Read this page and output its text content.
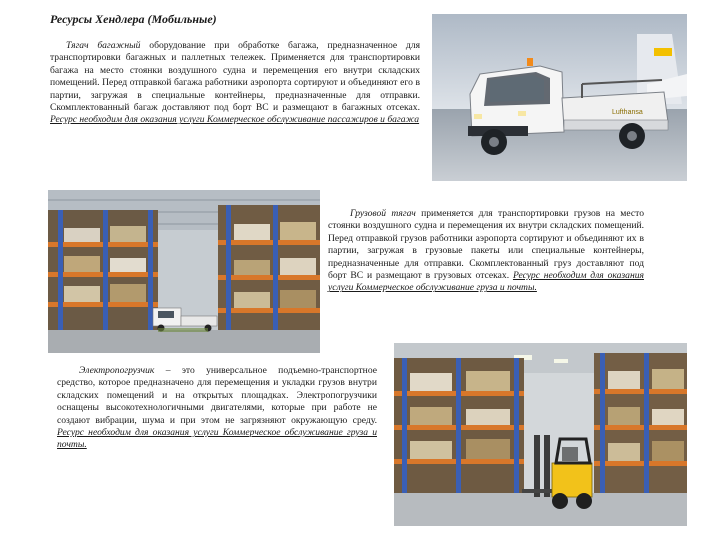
Ресурсы Хендлера (Мобильные)
Lufthansa

Тягач багажный оборудование при обработке багажа, предназначенное для транспортировки багажных и паллетных тележек. Применяется для транспортировки багажа на место стоянки воздушного судна и перемещения его внутри складских помещений. Перед отправкой багажа работники аэропорта сортируют и объединяют его в партии, загружая в специальные контейнеры, предназначенные для отправки. Скомплектованный багаж доставляют под борт ВС и размещают в багажных отсеках. Ресурс необходим для оказания услуги Коммерческое обслуживание пассажиров и багажа

Грузовой тягач применяется для транспортировки грузов на место стоянки воздушного судна и перемещения их внутри складских помещений. Перед отправкой грузов работники аэропорта сортируют и объединяют их в партии, загружая в грузовые пакеты или специальные контейнеры, предназначенные для отправки. Скомплектованный груз доставляют под борт ВС и размещают в грузовых отсеках. Ресурс необходим для оказания услуги Коммерческое обслуживание груза и почты.

Электропогрузчик – это универсальное подъемно-транспортное средство, которое предназначено для перемещения и укладки грузов внутри складских помещений и на открытых площадках. Электропогрузчики оснащены высокотехнологичными двигателями, которые при работе не создают вибрации, шума и при этом не загрязняют окружающую среду. Ресурс необходим для оказания услуги Коммерческое обслуживание груза и почты.
